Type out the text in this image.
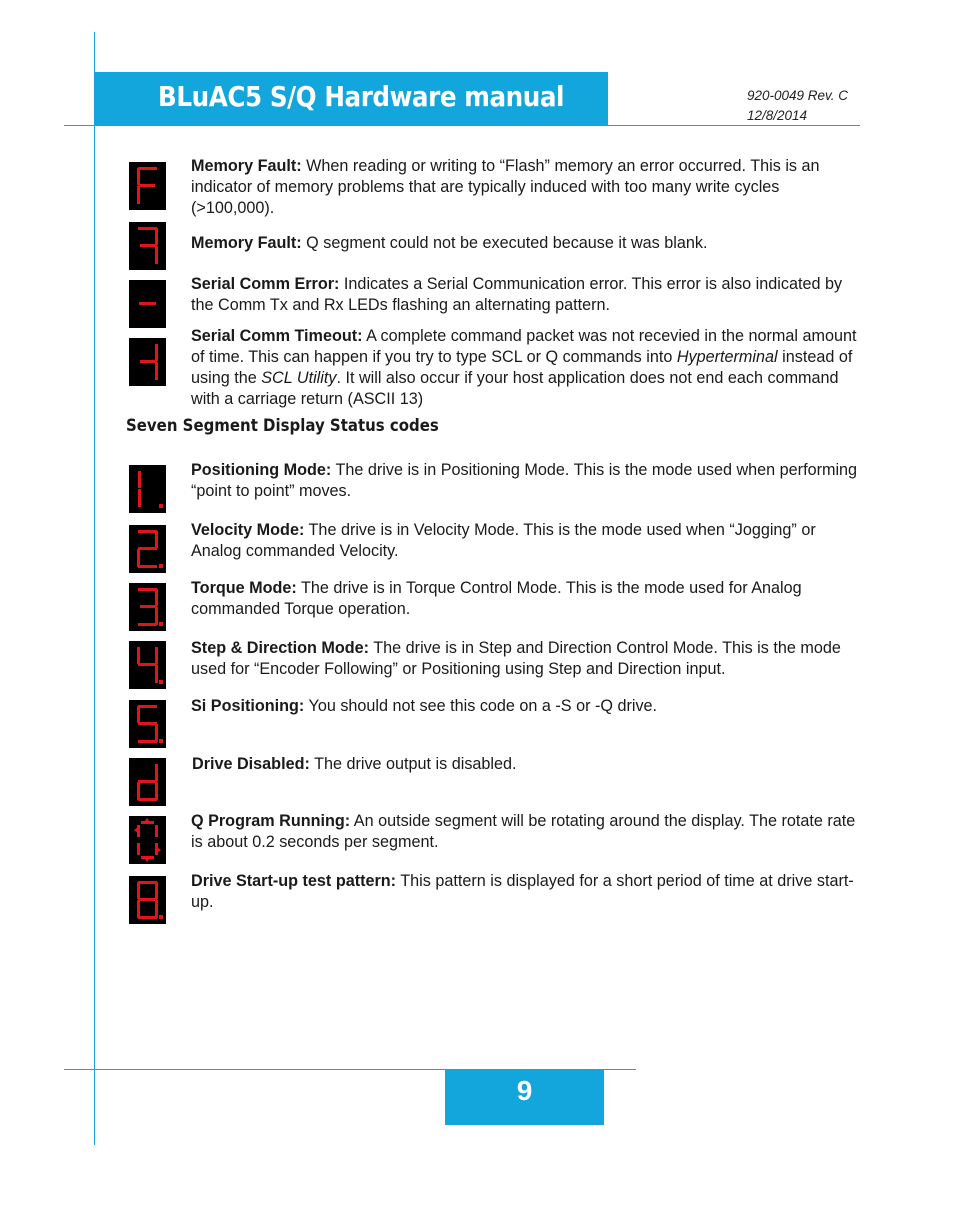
BLuAC5 S/Q Hardware manual	920-0049 Rev. C
12/8/2014
Memory Fault: When reading or writing to “Flash” memory an error occurred. This is an indicator of memory problems that are typically induced with too many write cycles (>100,000).
Memory Fault: Q segment could not be executed because it was blank.
Serial Comm Error: Indicates a Serial Communication error. This error is also indicated by the Comm Tx and Rx LEDs flashing an alternating pattern.
Serial Comm Timeout: A complete command packet was not recevied in the normal amount of time. This can happen if you try to type SCL or Q commands into Hyperterminal instead of using the SCL Utility. It will also occur if your host application does not end each command with a carriage return (ASCII 13)
Seven Segment Display Status codes
Positioning Mode: The drive is in Positioning Mode. This is the mode used when performing “point to point” moves.
Velocity Mode: The drive is in Velocity Mode. This is the mode used when “Jogging” or Analog commanded Velocity.
Torque Mode: The drive is in Torque Control Mode. This is the mode used for Analog commanded Torque operation.
Step & Direction Mode: The drive is in Step and Direction Control Mode. This is the mode used for “Encoder Following” or Positioning using Step and Direction input.
Si Positioning: You should not see this code on a -S or -Q drive.
Drive Disabled: The drive output is disabled.
Q Program Running: An outside segment will be rotating around the display. The rotate rate is about 0.2 seconds per segment.
Drive Start-up test pattern: This pattern is displayed for a short period of time at drive start-up.
9
